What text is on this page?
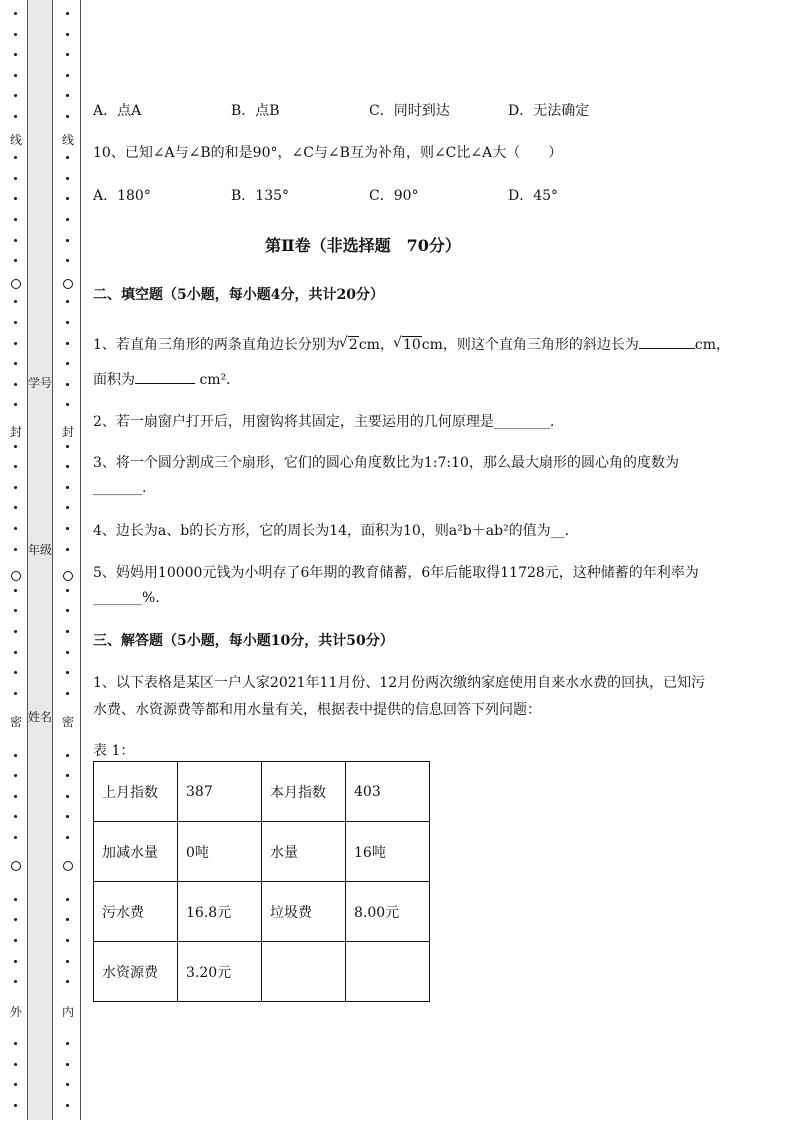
线
封
密
外
学号
年级
姓名
线
封
密
内
A．点A	B．点B	C．同时到达	D．无法确定
10、已知∠A与∠B的和是90°，∠C与∠B互为补角，则∠C比∠A大（　　）
A．180°	B．135°	C．90°	D．45°
第Ⅱ卷（非选择题　70分）
二、填空题（5小题，每小题4分，共计20分）
1、若直角三角形的两条直角边长分别为 √ 2cm， √ 10cm，则这个直角三角形的斜边长为	cm，
面积为	cm²．
2、若一扇窗户打开后，用窗钩将其固定，主要运用的几何原理是________.
3、将一个圆分割成三个扇形，它们的圆心角度数比为1:7:10，那么最大扇形的圆心角的度数为
_______.
4、边长为a、b的长方形，它的周长为14，面积为10，则a²b＋ab²的值为__．
5、妈妈用10000元钱为小明存了6年期的教育储蓄，6年后能取得11728元，这种储蓄的年利率为
_______%.
三、解答题（5小题，每小题10分，共计50分）
1、以下表格是某区一户人家2021年11月份、12月份两次缴纳家庭使用自来水水费的回执，已知污
水费、水资源费等都和用水量有关，根据表中提供的信息回答下列问题：
表 1：
上月指数	387	本月指数	403
加减水量	0吨	水量	16吨
污水费	16.8元	垃圾费	8.00元
水资源费	3.20元		
